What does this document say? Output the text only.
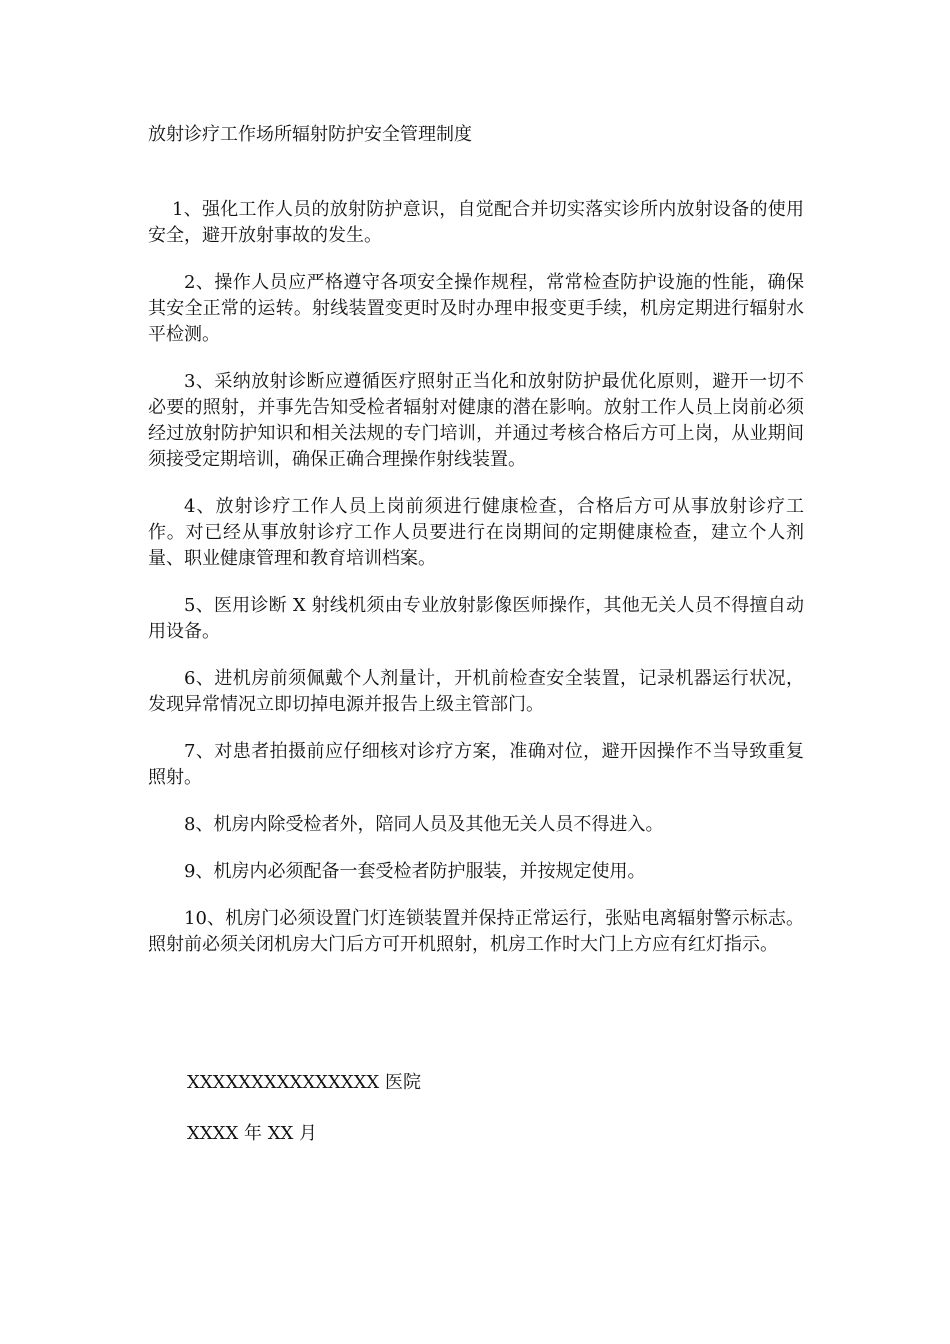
放射诊疗工作场所辐射防护安全管理制度

1、强化工作人员的放射防护意识，自觉配合并切实落实诊所内放射设备的使用安全，避开放射事故的发生。

2、操作人员应严格遵守各项安全操作规程，常常检查防护设施的性能，确保其安全正常的运转。射线装置变更时及时办理申报变更手续，机房定期进行辐射水平检测。

3、采纳放射诊断应遵循医疗照射正当化和放射防护最优化原则，避开一切不必要的照射，并事先告知受检者辐射对健康的潜在影响。放射工作人员上岗前必须经过放射防护知识和相关法规的专门培训，并通过考核合格后方可上岗，从业期间须接受定期培训，确保正确合理操作射线装置。

4、放射诊疗工作人员上岗前须进行健康检查，合格后方可从事放射诊疗工作。对已经从事放射诊疗工作人员要进行在岗期间的定期健康检查，建立个人剂量、职业健康管理和教育培训档案。

5、医用诊断 X 射线机须由专业放射影像医师操作，其他无关人员不得擅自动用设备。

6、进机房前须佩戴个人剂量计，开机前检查安全装置，记录机器运行状况，发现异常情况立即切掉电源并报告上级主管部门。

7、对患者拍摄前应仔细核对诊疗方案，准确对位，避开因操作不当导致重复照射。

8、机房内除受检者外，陪同人员及其他无关人员不得进入。

9、机房内必须配备一套受检者防护服装，并按规定使用。

10、机房门必须设置门灯连锁装置并保持正常运行，张贴电离辐射警示标志。照射前必须关闭机房大门后方可开机照射，机房工作时大门上方应有红灯指示。

XXXXXXXXXXXXXXX 医院

XXXX 年 XX 月
